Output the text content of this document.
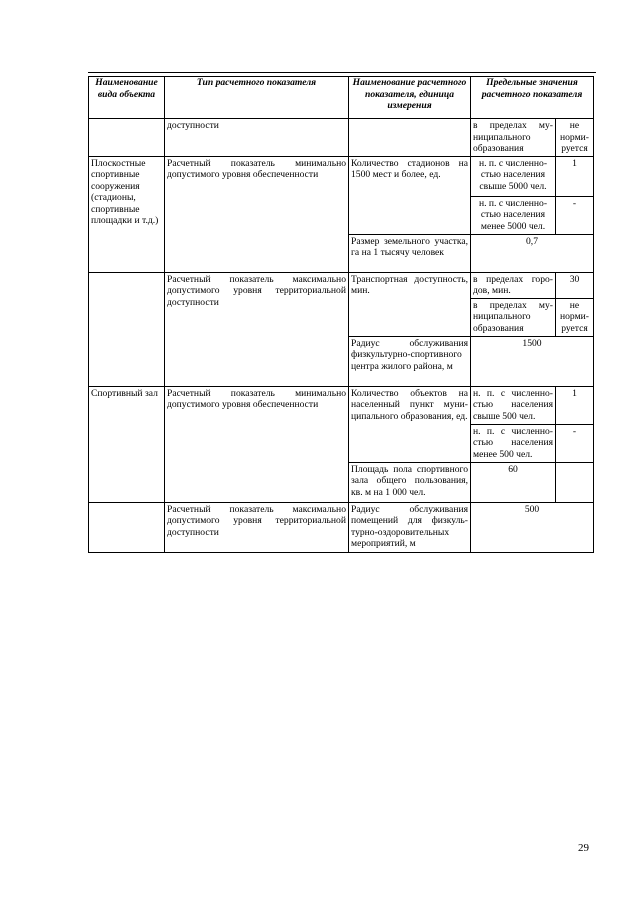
Наименование вида объекта	Тип расчетного показателя	Наименование расчетного показателя, единица измерения	Предельные значения расчетного показателя	
	доступности		в пределах муниципального образования	не нормируется
Плоскостные спортивные сооружения (стадионы, спортивные площадки и т.д.)	Расчетный показатель минимально допустимого уровня обеспеченности	Количество стадионов на 1500 мест и более, ед.	н. п. с численностью населения свыше 5000 чел.	1
			н. п. с численностью населения менее 5000 чел.	-
		Размер земельного участка, га на 1 тысячу человек	0,7	
	Расчетный показатель максимально допустимого уровня территориальной доступности	Транспортная доступность, мин.	в пределах городов, мин.	30
			в пределах муниципального образования	не нормируется
		Радиус обслуживания физкультурно-спортивного центра жилого района, м	1500	
Спортивный зал	Расчетный показатель минимально допустимого уровня обеспеченности	Количество объектов на населенный пункт муниципального образования, ед.	н. п. с численностью населения свыше 500 чел.	1
			н. п. с численностью населения менее 500 чел.	-
		Площадь пола спортивного зала общего пользования, кв. м на 1 000 чел.	60	
	Расчетный показатель максимально допустимого уровня территориальной доступности	Радиус обслуживания помещений для физкультурно-оздоровительных мероприятий, м	500	
29
